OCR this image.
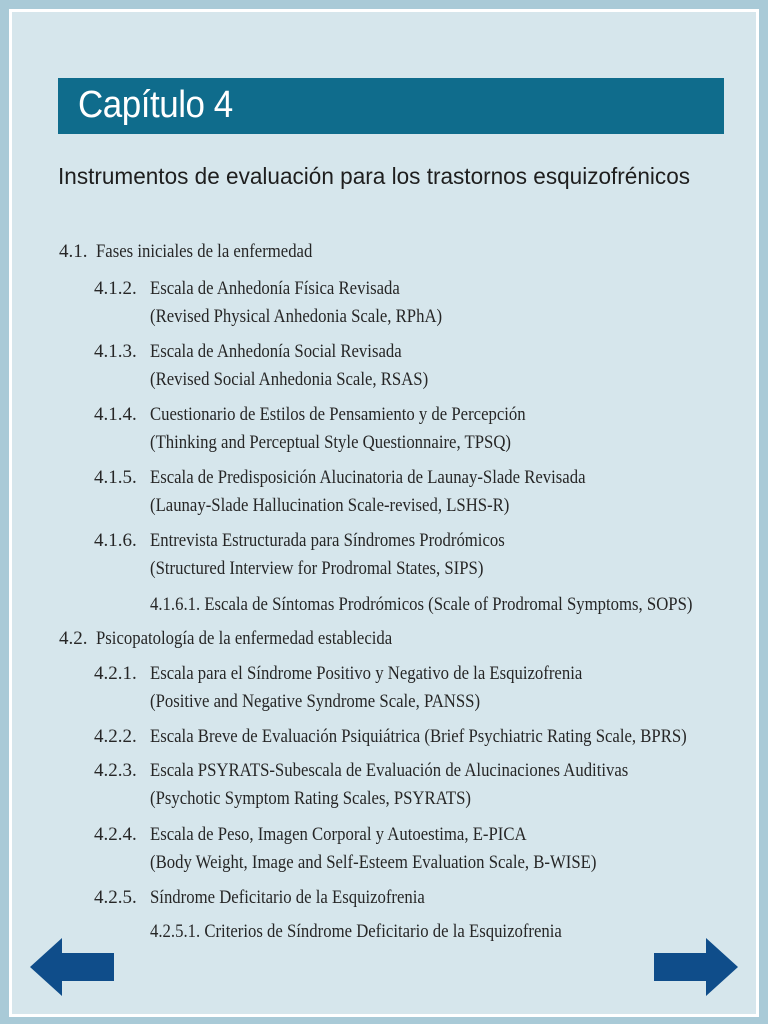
Capítulo 4
Instrumentos de evaluación para los trastornos esquizofrénicos
4.1. Fases iniciales de la enfermedad
4.1.2. Escala de Anhedonía Física Revisada
(Revised Physical Anhedonia Scale, RPhA)
4.1.3. Escala de Anhedonía Social Revisada
(Revised Social Anhedonia Scale, RSAS)
4.1.4. Cuestionario de Estilos de Pensamiento y de Percepción
(Thinking and Perceptual Style Questionnaire, TPSQ)
4.1.5. Escala de Predisposición Alucinatoria de Launay-Slade Revisada
(Launay-Slade Hallucination Scale-revised, LSHS-R)
4.1.6. Entrevista Estructurada para Síndromes Prodrómicos
(Structured Interview for Prodromal States, SIPS)
4.1.6.1. Escala de Síntomas Prodrómicos (Scale of Prodromal Symptoms, SOPS)
4.2. Psicopatología de la enfermedad establecida
4.2.1. Escala para el Síndrome Positivo y Negativo de la Esquizofrenia
(Positive and Negative Syndrome Scale, PANSS)
4.2.2. Escala Breve de Evaluación Psiquiátrica (Brief Psychiatric Rating Scale, BPRS)
4.2.3. Escala PSYRATS-Subescala de Evaluación de Alucinaciones Auditivas
(Psychotic Symptom Rating Scales, PSYRATS)
4.2.4. Escala de Peso, Imagen Corporal y Autoestima, E-PICA
(Body Weight, Image and Self-Esteem Evaluation Scale, B-WISE)
4.2.5. Síndrome Deficitario de la Esquizofrenia
4.2.5.1. Criterios de Síndrome Deficitario de la Esquizofrenia
